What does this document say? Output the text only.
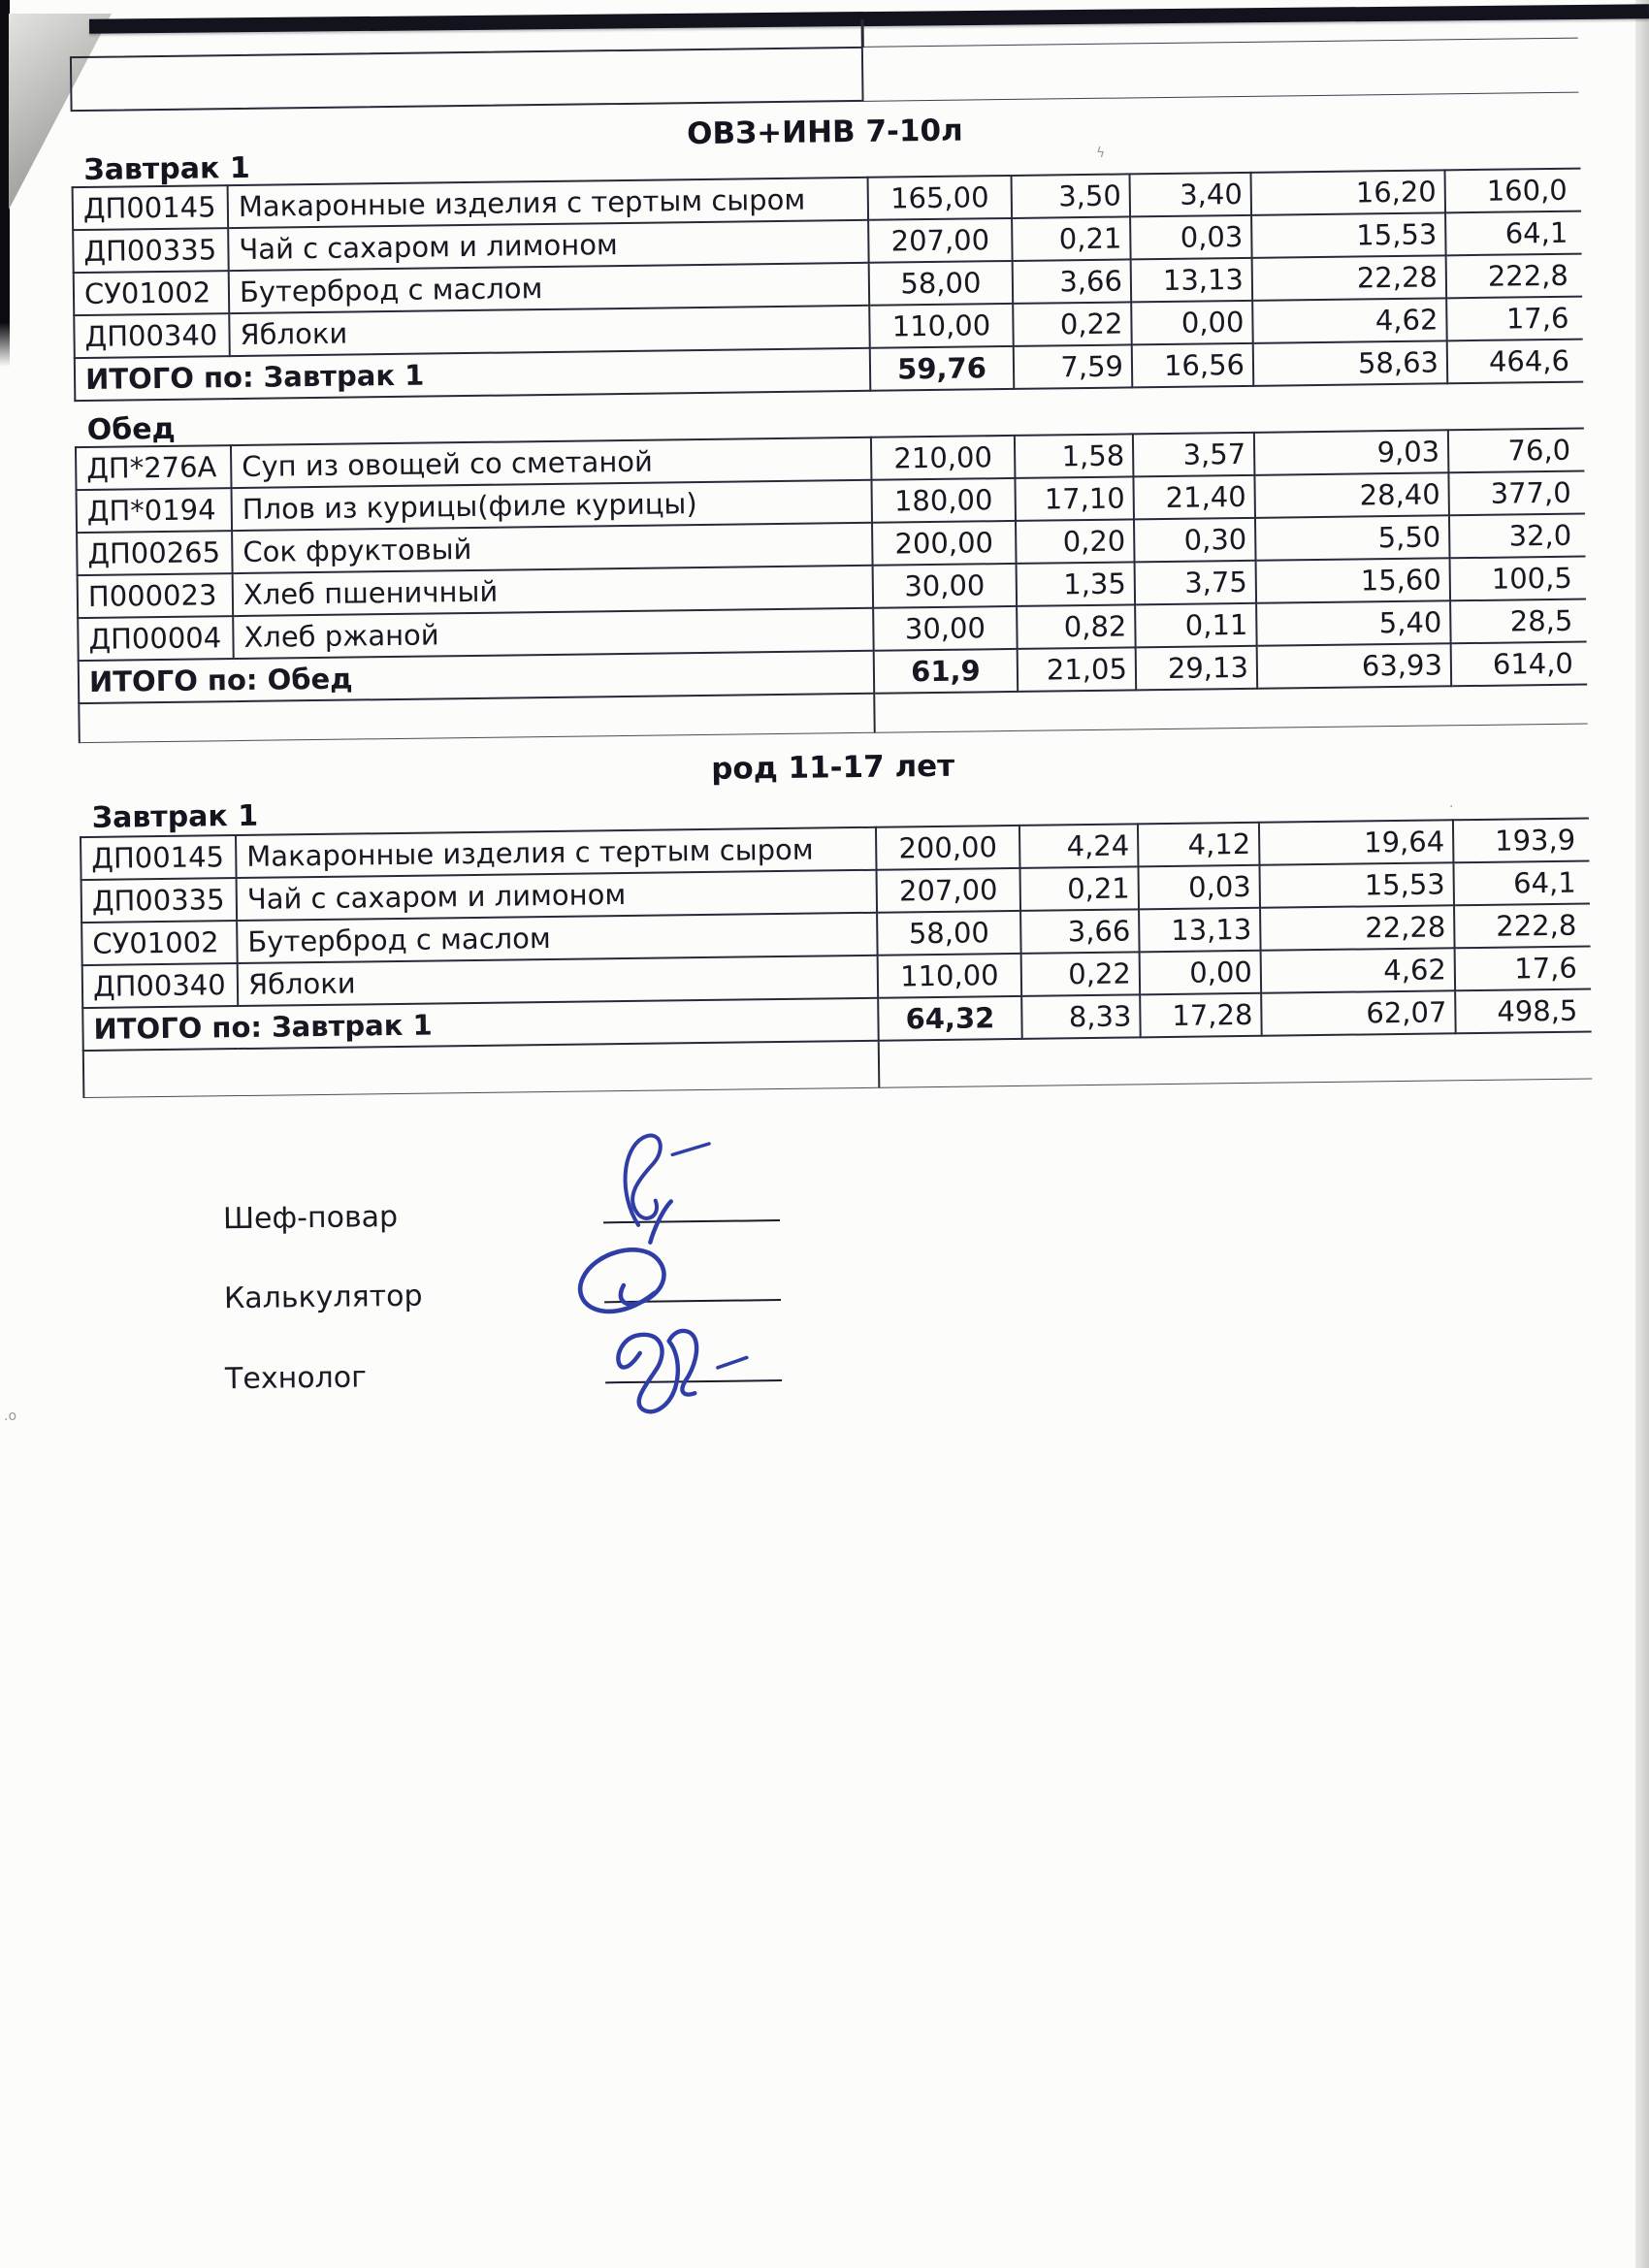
ϟ
·
.о
ОВЗ+ИНВ 7-10л
Завтрак 1
ДП00145	Макаронные изделия с тертым сыром	165,00	3,50	3,40	16,20	160,0
ДП00335	Чай с сахаром и лимоном	207,00	0,21	0,03	15,53	64,1
СУ01002	Бутерброд с маслом	58,00	3,66	13,13	22,28	222,8
ДП00340	Яблоки	110,00	0,22	0,00	4,62	17,6
ИТОГО по: Завтрак 1		59,76	7,59	16,56	58,63	464,6
Обед
ДП*276А	Суп из овощей со сметаной	210,00	1,58	3,57	9,03	76,0
ДП*0194	Плов из курицы(филе курицы)	180,00	17,10	21,40	28,40	377,0
ДП00265	Сок фруктовый	200,00	0,20	0,30	5,50	32,0
П000023	Хлеб пшеничный	30,00	1,35	3,75	15,60	100,5
ДП00004	Хлеб ржаной	30,00	0,82	0,11	5,40	28,5
ИТОГО по: Обед		61,9	21,05	29,13	63,93	614,0

род 11-17 лет
Завтрак 1
ДП00145	Макаронные изделия с тертым сыром	200,00	4,24	4,12	19,64	193,9
ДП00335	Чай с сахаром и лимоном	207,00	0,21	0,03	15,53	64,1
СУ01002	Бутерброд с маслом	58,00	3,66	13,13	22,28	222,8
ДП00340	Яблоки	110,00	0,22	0,00	4,62	17,6
ИТОГО по: Завтрак 1		64,32	8,33	17,28	62,07	498,5

Шеф-повар
Калькулятор
Технолог
